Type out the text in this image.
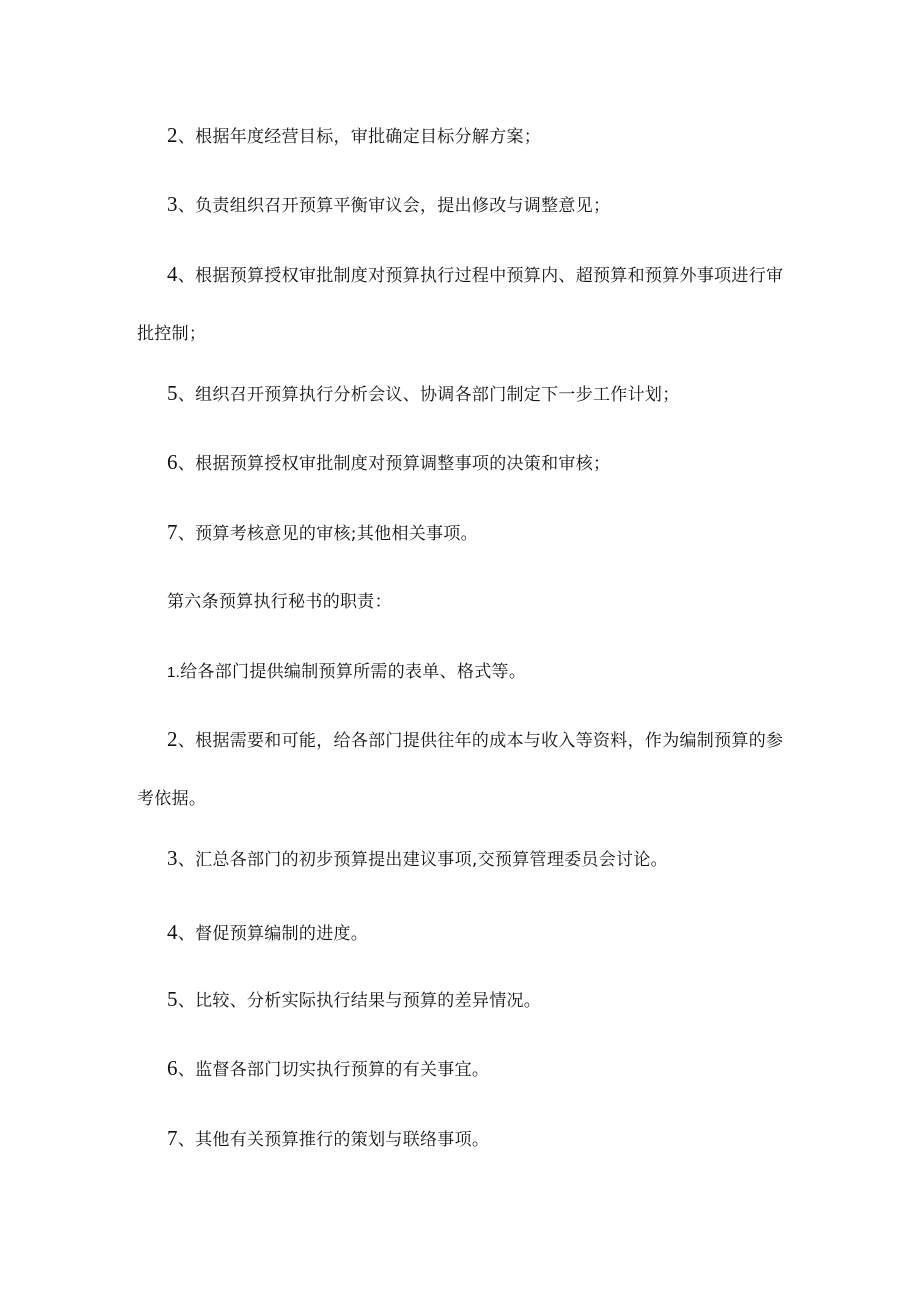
2、根据年度经营目标，审批确定目标分解方案；

3、负责组织召开预算平衡审议会，提出修改与调整意见；

4、根据预算授权审批制度对预算执行过程中预算内、超预算和预算外事项进行审批控制；

5、组织召开预算执行分析会议、协调各部门制定下一步工作计划；

6、根据预算授权审批制度对预算调整事项的决策和审核；

7、预算考核意见的审核;其他相关事项。

第六条预算执行秘书的职责：

1.给各部门提供编制预算所需的表单、格式等。

2、根据需要和可能，给各部门提供往年的成本与收入等资料，作为编制预算的参考依据。

3、汇总各部门的初步预算提出建议事项,交预算管理委员会讨论。

4、督促预算编制的进度。

5、比较、分析实际执行结果与预算的差异情况。

6、监督各部门切实执行预算的有关事宜。

7、其他有关预算推行的策划与联络事项。
